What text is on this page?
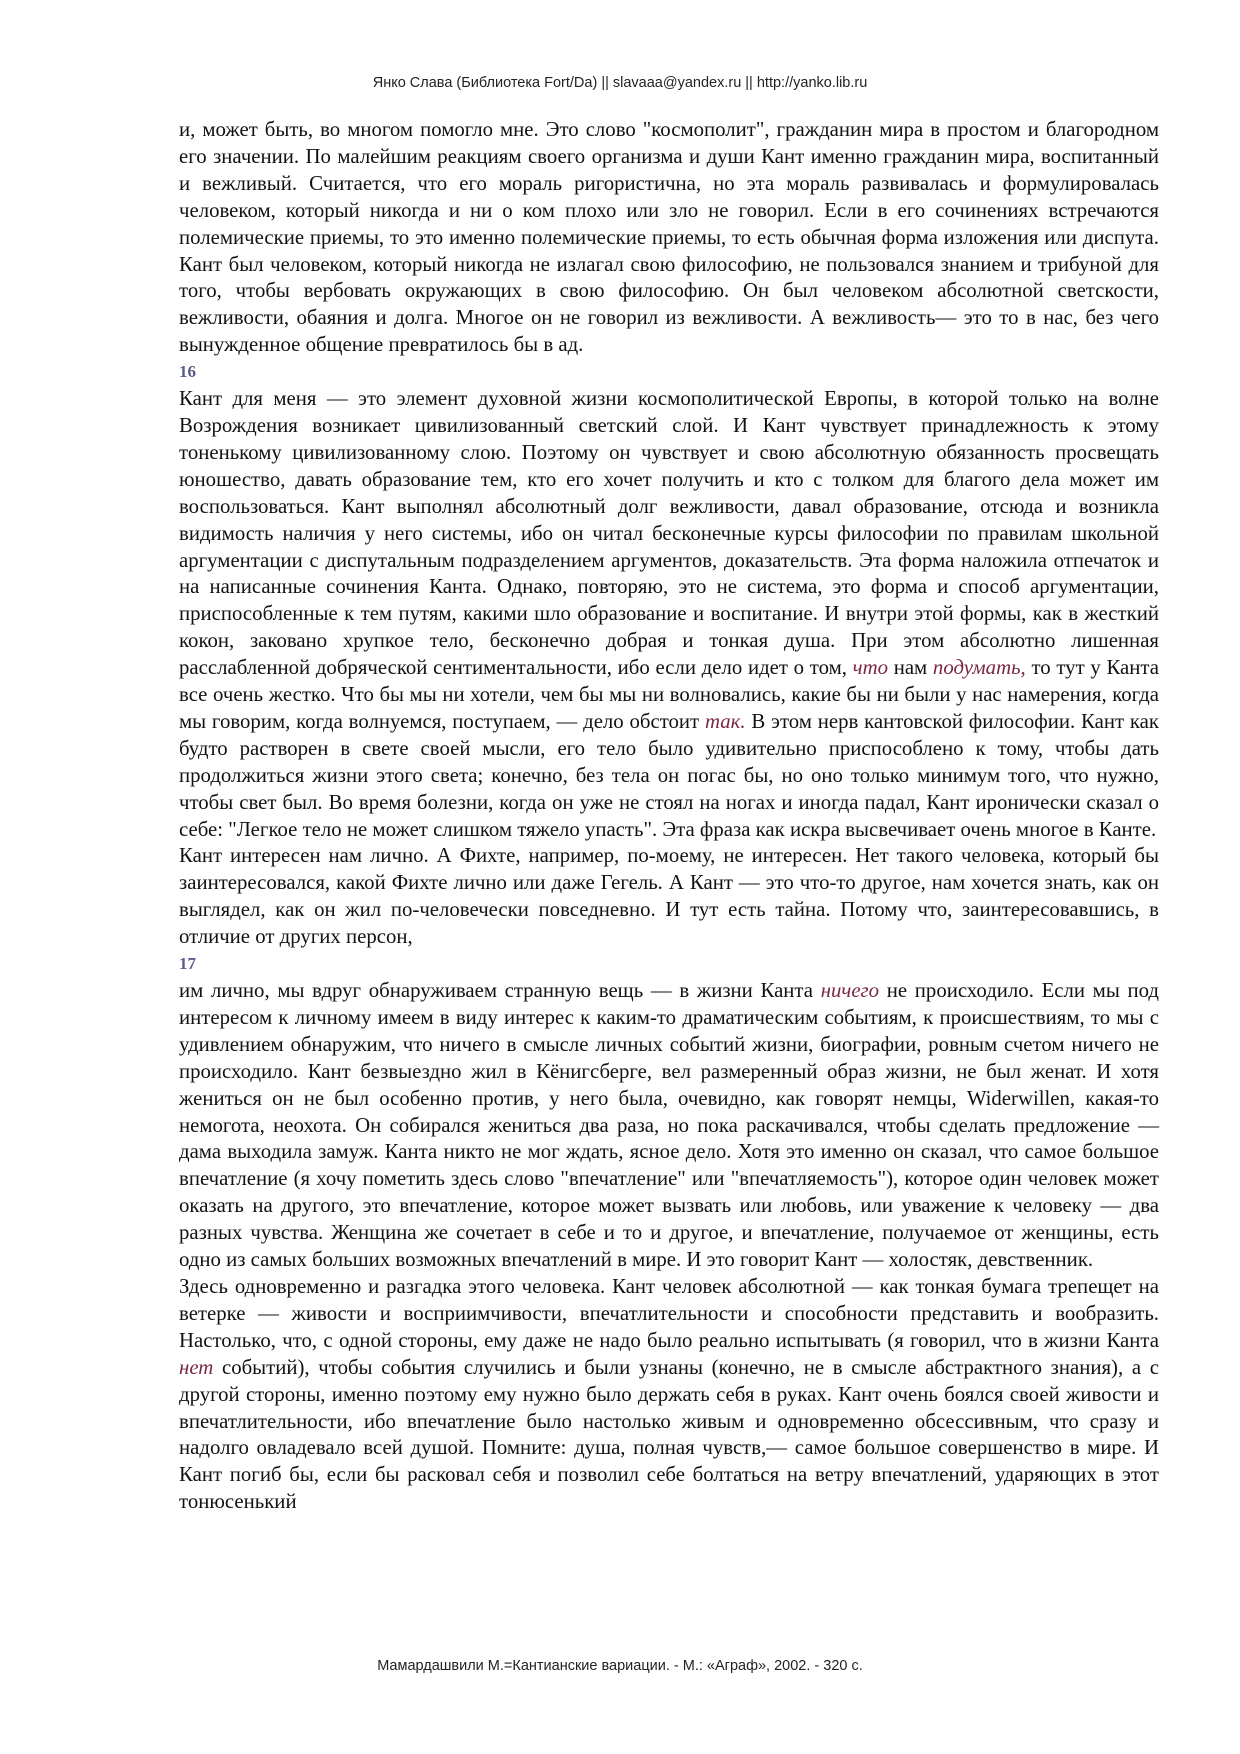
Янко Слава (Библиотека Fort/Da) || slavaaa@yandex.ru || http://yanko.lib.ru

и, может быть, во многом помогло мне. Это слово "космополит", гражданин мира в простом и благородном его значении. По малейшим реакциям своего организма и души Кант именно гражданин мира, воспитанный и вежливый. Считается, что его мораль ригористична, но эта мораль развивалась и формулировалась человеком, который никогда и ни о ком плохо или зло не говорил. Если в его сочинениях встречаются полемические приемы, то это именно полемические приемы, то есть обычная форма изложения или диспута. Кант был человеком, который никогда не излагал свою философию, не пользовался знанием и трибуной для того, чтобы вербовать окружающих в свою философию. Он был человеком абсолютной светскости, вежливости, обаяния и долга. Многое он не говорил из вежливости. А вежливость— это то в нас, без чего вынужденное общение превратилось бы в ад.

16

Кант для меня — это элемент духовной жизни космополитической Европы, в которой только на волне Возрождения возникает цивилизованный светский слой. И Кант чувствует принадлежность к этому тоненькому цивилизованному слою. Поэтому он чувствует и свою абсолютную обязанность просвещать юношество, давать образование тем, кто его хочет получить и кто с толком для благого дела может им воспользоваться. Кант выполнял абсолютный долг вежливости, давал образование, отсюда и возникла видимость наличия у него системы, ибо он читал бесконечные курсы философии по правилам школьной аргументации с диспутальным подразделением аргументов, доказательств. Эта форма наложила отпечаток и на написанные сочинения Канта. Однако, повторяю, это не система, это форма и способ аргументации, приспособленные к тем путям, какими шло образование и воспитание. И внутри этой формы, как в жесткий кокон, заковано хрупкое тело, бесконечно добрая и тонкая душа. При этом абсолютно лишенная расслабленной добряческой сентиментальности, ибо если дело идет о том, что нам подумать, то тут у Канта все очень жестко. Что бы мы ни хотели, чем бы мы ни волновались, какие бы ни были у нас намерения, когда мы говорим, когда волнуемся, поступаем, — дело обстоит так. В этом нерв кантовской философии. Кант как будто растворен в свете своей мысли, его тело было удивительно приспособлено к тому, чтобы дать продолжиться жизни этого света; конечно, без тела он погас бы, но оно только минимум того, что нужно, чтобы свет был. Во время болезни, когда он уже не стоял на ногах и иногда падал, Кант иронически сказал о себе: "Легкое тело не может слишком тяжело упасть". Эта фраза как искра высвечивает очень многое в Канте.

Кант интересен нам лично. А Фихте, например, по-моему, не интересен. Нет такого человека, который бы заинтересовался, какой Фихте лично или даже Гегель. А Кант — это что-то другое, нам хочется знать, как он выглядел, как он жил по-человечески повседневно. И тут есть тайна. Потому что, заинтересовавшись, в отличие от других персон,

17

им лично, мы вдруг обнаруживаем странную вещь — в жизни Канта ничего не происходило. Если мы под интересом к личному имеем в виду интерес к каким-то драматическим событиям, к происшествиям, то мы с удивлением обнаружим, что ничего в смысле личных событий жизни, биографии, ровным счетом ничего не происходило. Кант безвыездно жил в Кёнигсберге, вел размеренный образ жизни, не был женат. И хотя жениться он не был особенно против, у него была, очевидно, как говорят немцы, Widerwillen, какая-то немогота, неохота. Он собирался жениться два раза, но пока раскачивался, чтобы сделать предложение — дама выходила замуж. Канта никто не мог ждать, ясное дело. Хотя это именно он сказал, что самое большое впечатление (я хочу пометить здесь слово "впечатление" или "впечатляемость"), которое один человек может оказать на другого, это впечатление, которое может вызвать или любовь, или уважение к человеку — два разных чувства. Женщина же сочетает в себе и то и другое, и впечатление, получаемое от женщины, есть одно из самых больших возможных впечатлений в мире. И это говорит Кант — холостяк, девственник.

Здесь одновременно и разгадка этого человека. Кант человек абсолютной — как тонкая бумага трепещет на ветерке — живости и восприимчивости, впечатлительности и способности представить и вообразить. Настолько, что, с одной стороны, ему даже не надо было реально испытывать (я говорил, что в жизни Канта нет событий), чтобы события случились и были узнаны (конечно, не в смысле абстрактного знания), а с другой стороны, именно поэтому ему нужно было держать себя в руках. Кант очень боялся своей живости и впечатлительности, ибо впечатление было настолько живым и одновременно обсессивным, что сразу и надолго овладевало всей душой. Помните: душа, полная чувств,— самое большое совершенство в мире. И Кант погиб бы, если бы расковал себя и позволил себе болтаться на ветру впечатлений, ударяющих в этот тонюсенький

Мамардашвили М.=Кантианские вариации. - М.: «Аграф», 2002. - 320 с.
